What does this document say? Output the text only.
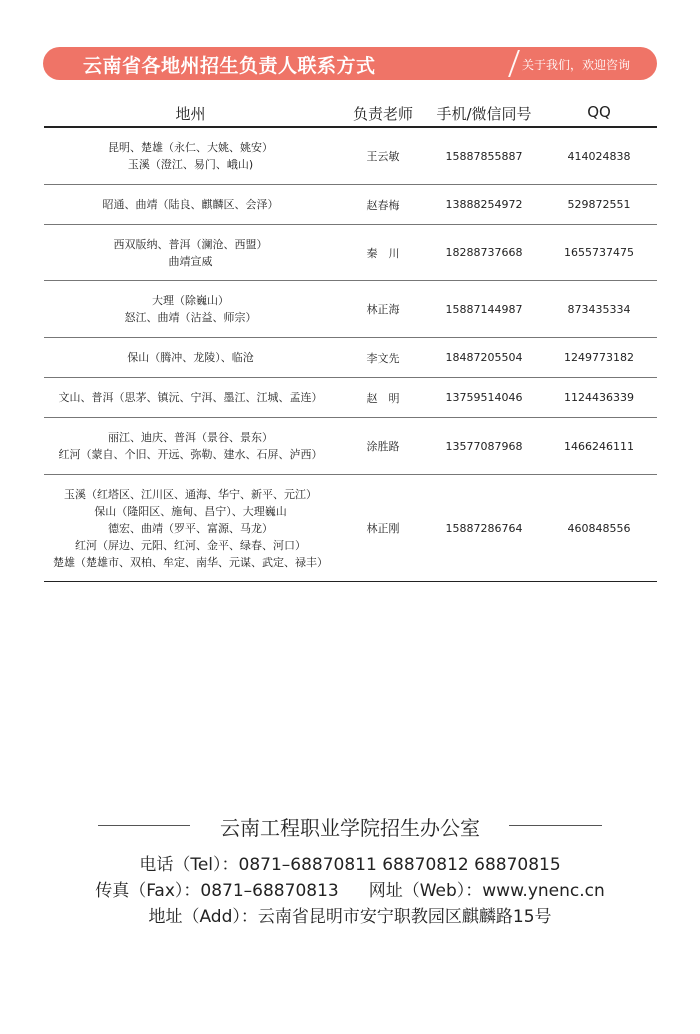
云南省各地州招生负责人联系方式	关于我们，欢迎咨询
地州	负责老师	手机/微信同号	QQ
昆明、楚雄（永仁、大姚、姚安）
玉溪（澄江、易门、峨山)
王云敏	15887855887	414024838
昭通、曲靖（陆良、麒麟区、会泽）	赵春梅	13888254972	529872551
西双版纳、普洱（澜沧、西盟）
曲靖宣威
秦　川	18288737668	1655737475
大理（除巍山）
怒江、曲靖（沾益、师宗）
林正海	15887144987	873435334
保山（腾冲、龙陵）、临沧	李文先	18487205504	1249773182
文山、普洱（思茅、镇沅、宁洱、墨江、江城、孟连）	赵　明	13759514046	1124436339
丽江、迪庆、普洱（景谷、景东）
红河（蒙自、个旧、开远、弥勒、建水、石屏、泸西）
涂胜路	13577087968	1466246111
玉溪（红塔区、江川区、通海、华宁、新平、元江）
保山（隆阳区、施甸、昌宁）、大理巍山
德宏、曲靖（罗平、富源、马龙）
红河（屏边、元阳、红河、金平、绿春、河口）
楚雄（楚雄市、双柏、牟定、南华、元谋、武定、禄丰）
林正刚	15887286764	460848556
云南工程职业学院招生办公室
电话（Tel）：0871–68870811 68870812 68870815
传真（Fax）：0871–68870813 网址（Web）：www.ynenc.cn
地址（Add）：云南省昆明市安宁职教园区麒麟路15号
